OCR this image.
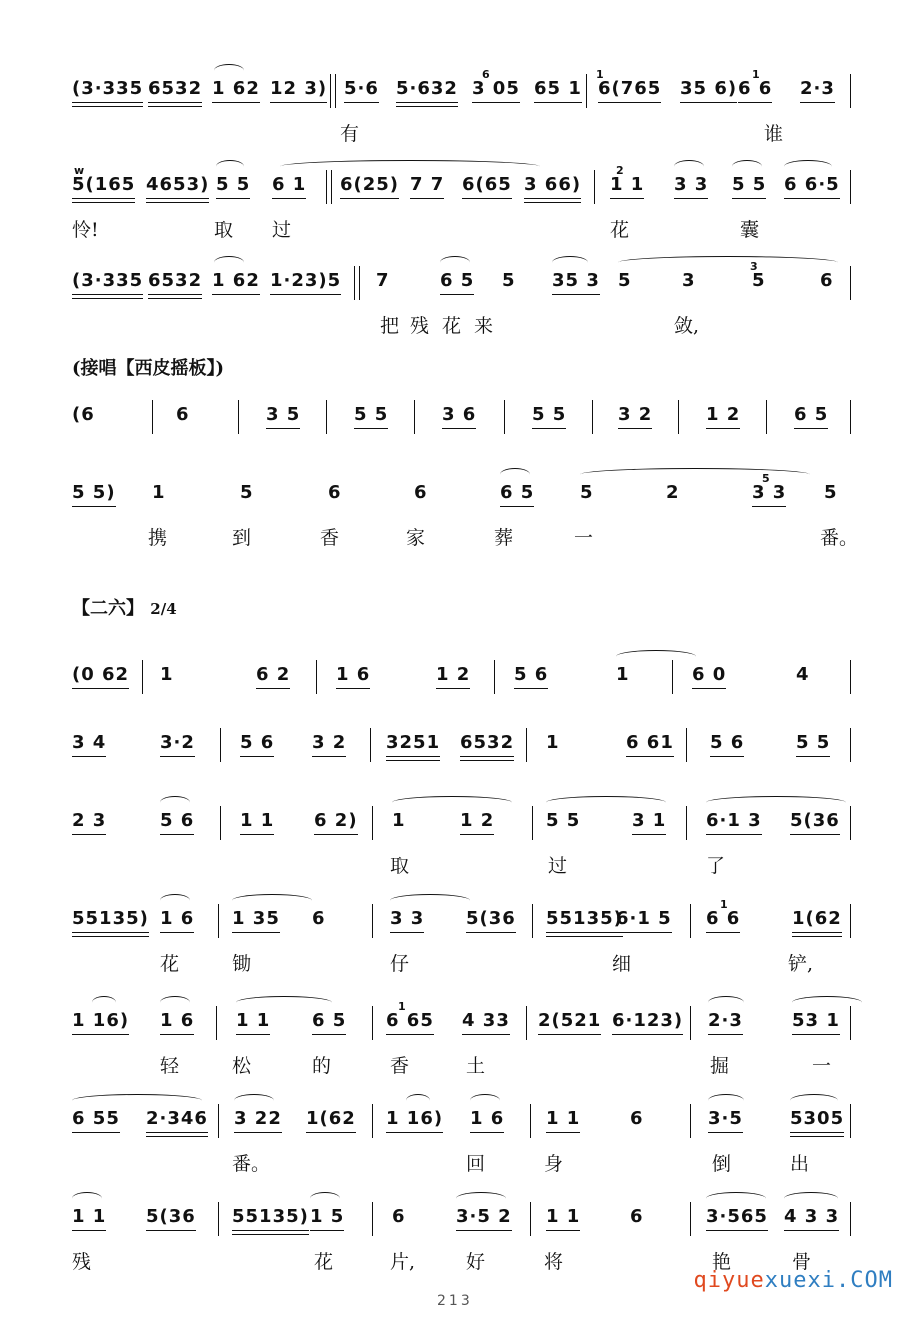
(3·335 6532 1 62 12 3) 5·6 5·632 3 05
6
65 1 6(765
1
35 6) 6 6
1
2·3
有	谁
5(165
w
4653) 5 5 6 1 6(25) 7 7 6(65 3 66) 1 1
2
3 3 5 5 6 6·5
怜!	取 过	花	囊
(3·335 6532 1 62 1·23)5 7	6 5 5 35 3 5	3	5
3
6
把 残 花 来	敛,
(接唱【西皮摇板】)
(6	6	3 5	5 5	3 6	5 5	3 2	1 2	6 5
5 5) 1	5	6	6	6 5	5	2	3 3
5
5
携	到	香	家	葬	一	番。
【二六】 2/4
(0 62 1	6 2	1 6	1 2 5 6	1	6 0	4
3 4	3·2	5 6 3 2 3251 6532 1	6 61 5 6	5 5
2 3	5 6	1 1 6 2) 1	1 2	5 5	3 1 6·1 3 5(36
取	过	了
55135) 1 6 1 35 6	3 3 5(36 55135)
6·1 5 6 6
1
1(62
花	锄	仔	细	铲,
1 16) 1 6 1 1 6 5 6 65
1
4 33 2(521 6·123) 2·3	53 1
轻	松	的	香	土	掘	一
6 55 2·346 3 22 1(62 1 16) 1 6 1 1	6	3·5	5305
番。	回	身	倒	出
1 1 5(36 55135) 1 5	6	3·5 2 1 1	6	3·565 4 3 3
残	花	片,	好	将	艳	骨
213
qiyuexuexi.COM
